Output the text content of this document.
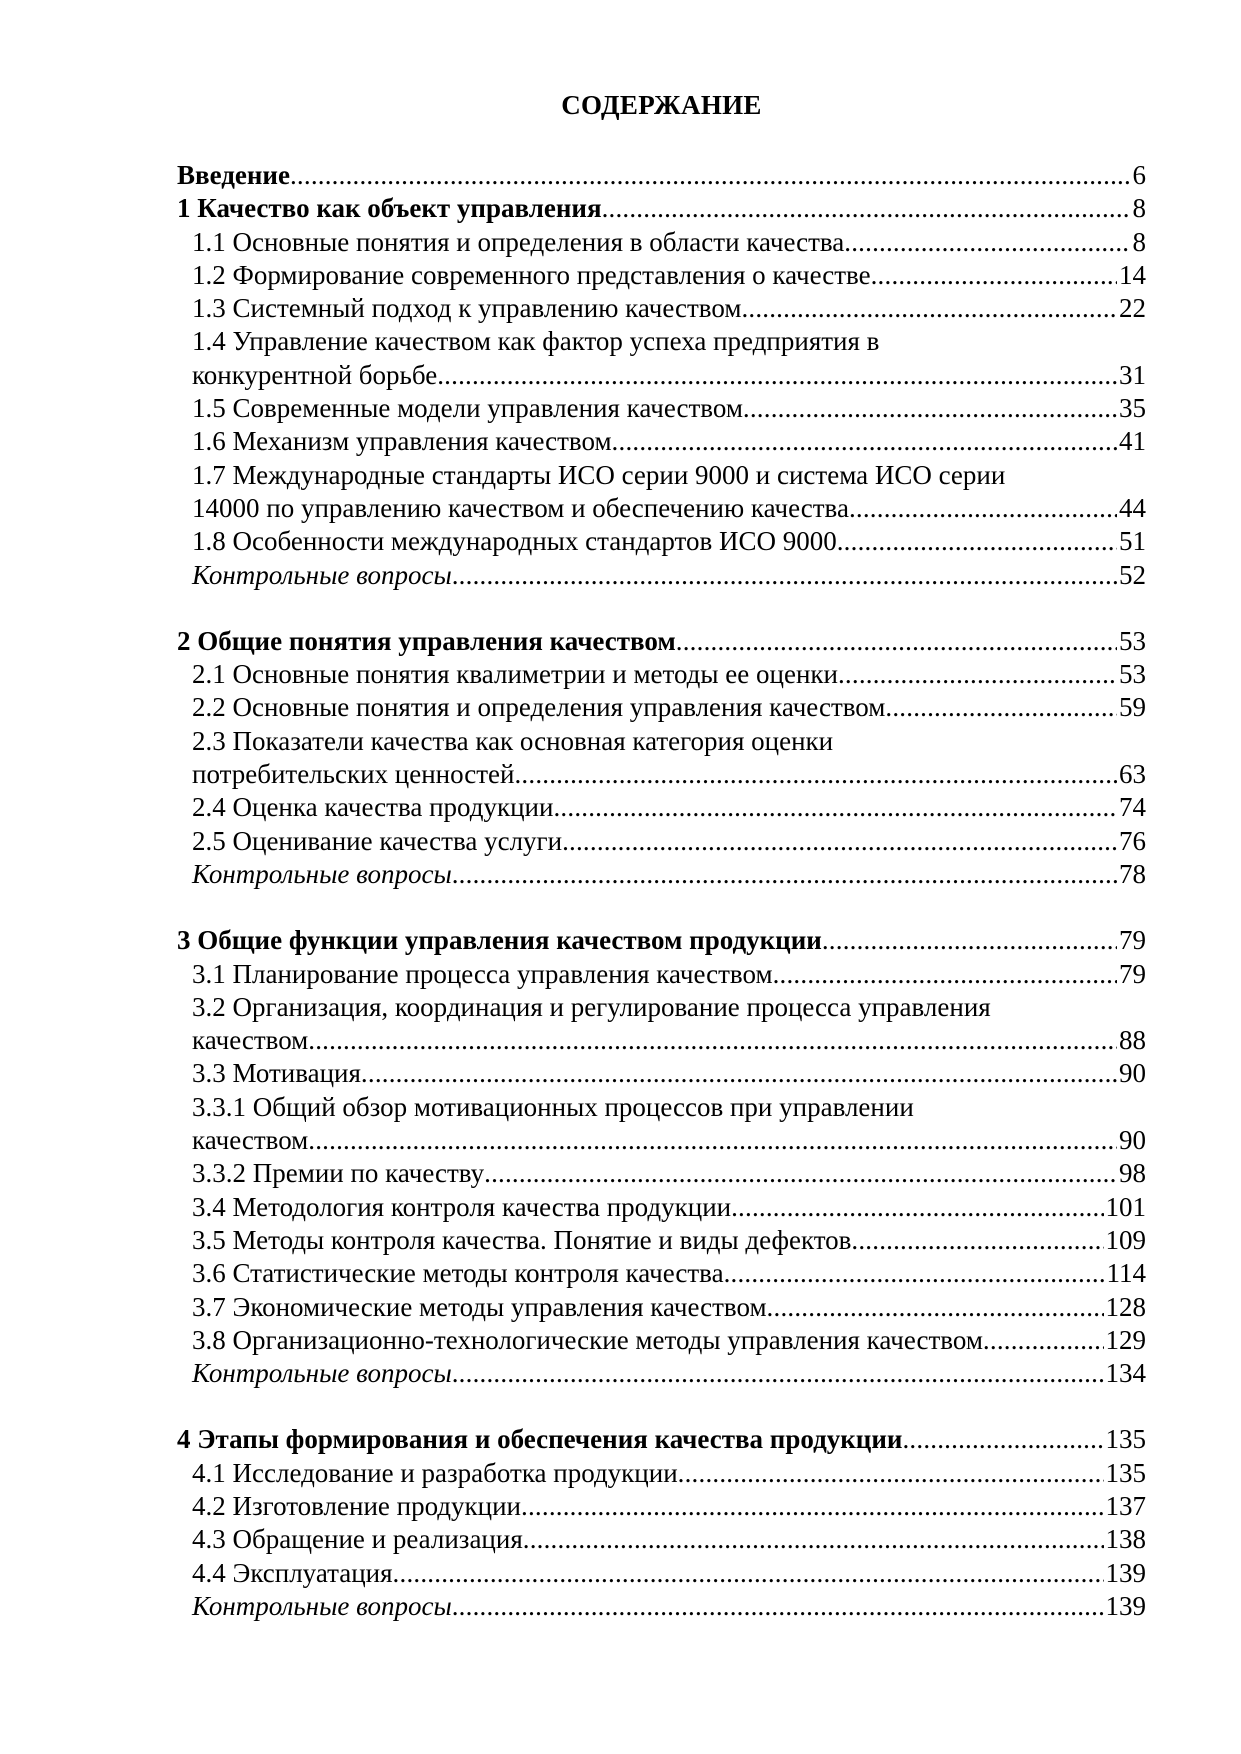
СОДЕРЖАНИЕ
Введение .....	6
1 Качество как объект управления .....	8
1.1 Основные понятия и определения в области качества .....	8
1.2 Формирование современного представления о качестве .....	14
1.3 Системный подход к управлению качеством .....	22
1.4 Управление качеством как фактор успеха предприятия в
конкурентной борьбе .....	31
1.5 Современные модели управления качеством .....	35
1.6 Механизм управления качеством .....	41
1.7 Международные стандарты ИСО серии 9000 и система ИСО серии
14000 по управлению качеством и обеспечению качества .....	44
1.8 Особенности международных стандартов ИСО 9000 .....	51
Контрольные вопросы .....	52
2 Общие понятия управления качеством .....	53
2.1 Основные понятия квалиметрии и методы ее оценки .....	53
2.2 Основные понятия и определения управления качеством .....	59
2.3 Показатели качества как основная категория оценки
потребительских ценностей .....	63
2.4 Оценка качества продукции .....	74
2.5 Оценивание качества услуги .....	76
Контрольные вопросы .....	78
3 Общие функции управления качеством продукции .....	79
3.1 Планирование процесса управления качеством .....	79
3.2 Организация, координация и регулирование процесса управления
качеством .....	88
3.3 Мотивация .....	90
3.3.1 Общий обзор мотивационных процессов при управлении
качеством .....	90
3.3.2 Премии по качеству .....	98
3.4 Методология контроля качества продукции .....	101
3.5 Методы контроля качества. Понятие и виды дефектов .....	109
3.6 Статистические методы контроля качества .....	114
3.7 Экономические методы управления качеством .....	128
3.8 Организационно-технологические методы управления качеством .....	129
Контрольные вопросы .....	134
4 Этапы формирования и обеспечения качества продукции .....	135
4.1 Исследование и разработка продукции .....	135
4.2 Изготовление продукции .....	137
4.3 Обращение и реализация .....	138
4.4 Эксплуатация .....	139
Контрольные вопросы .....	139
